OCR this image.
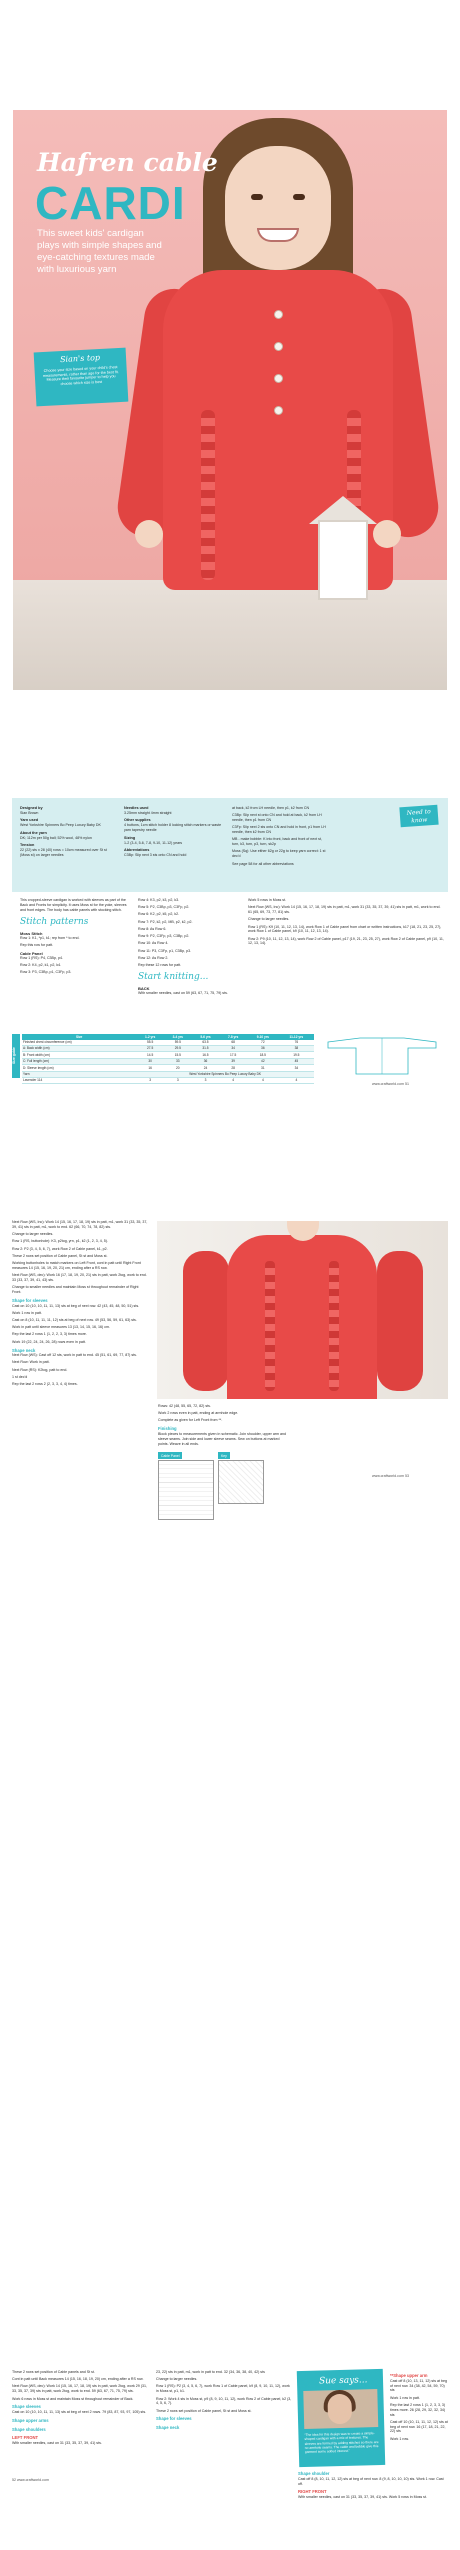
Hafren cable
CARDI
This sweet kids' cardigan plays with simple shapes and eye-catching textures made with luxurious yarn
Sian's top
Choose your size based on your child's chest measurements, rather than age for the best fit. Measure their favourite jumper to help you choose which size is best
Need to know
Designed by
Sian Brown
Yarn used
West Yorkshire Spinners Bo Peep Luxury Baby DK
About the yarn
DK; 112m per 50g ball; 52% wool, 48% nylon
Tension
22 (22) sts x 28 (40) rows = 10cm measured over St st (Moss st) on larger needles
Needles used
3.25mm straight 4mm straight
Other supplies
4 buttons, 1cm stitch holder 8 locking stitch markers or waste yarn tapestry needle
Sizing
1-2 (3-4, 5-6, 7-8, 9-10, 11-12) years
Abbreviations
C3Bp: Slip next 3 sts onto CN and hold
at back, k2 from LH needle, then p1, k2 from CN
C3Bp: Slip next st onto CN and hold at back, k2 from LH needle, then p1 from CN
C3Fp: Slip next 2 sts onto CN and hold in front, p1 from LH needle, then k2 from CN
MB - make bobble: K into front, back and front of next st, turn, k3, turn, p3, turn, sk2p
Moss (Sq): Use either 62g or 22g to keep yarn correct: 1 st dec'd
See page 58 for all other abbreviations
This cropped-sleeve cardigan is worked with sleeves as part of the Back and Fronts for simplicity. It uses Moss st for the yoke, sleeves and front edges. The body has cable panels with stocking stitch.
Stitch patterns
Moss Stitch
Row 1: K1, *p1, k1; rep from * to end.
Rep this row for patt.
Cable Panel
Row 1 (RS): P4, C3Bp, p4.
Row 2: K4, p2, k1, p2, k4.
Row 3: P3, C3Bp, p1, C3Fp, p3.
Row 4: K3, p2, k3, p2, k3.
Row 5: P2, C3Bp, p3, C3Fp, p2.
Row 6: K2, p2, k5, p2, k2.
Row 7: P2, k2, p2, MB, p2, k2, p2.
Row 8: As Row 6.
Row 9: P2, C3Fp, p3, C3Bp, p2.
Row 10: As Row 4.
Row 11: P3, C3Fp, p1, C3Bp, p3.
Row 12: As Row 2.
Rep these 12 rows for patt.
Start knitting...
BACK
With smaller needles, cast on 59 (63, 67, 71, 75, 79) sts.
Work 5 rows in Moss st.
Next Row (WS, Inc): Work 14 (15, 16, 17, 18, 19) sts in patt, m1, work 31 (33, 35, 37, 39, 41) sts in patt, m1, work to end. 61 (65, 69, 73, 77, 81) sts.
Change to larger needles.
Row 1 (RS): K9 (10, 11, 12, 13, 14), work Row 1 of Cable panel from chart or written instructions, k17 (18, 21, 23, 25, 27), work Row 1 of Cable panel, k9 (10, 11, 12, 13, 14).
Row 2: P9 (10, 11, 12, 13, 14), work Row 2 of Cable panel, p17 (19, 21, 23, 25, 27), work Row 2 of Cable panel, p9 (10, 11, 12, 13, 14).
Size guide
Size	1-2 yrs	3-4 yrs	5-6 yrs	7-8 yrs	9-10 yrs	11-12 yrs
Finished chest circumference (cm)	55.5	59.5	63.5	68	72	76
A: Back width (cm)	27.5	29.5	31.5	34	36	38
B: Front width (cm)	14.5	15.5	16.5	17.5	18.5	19.5
C: Full length (cm)	30	33	36	39	42	45
D: Sleeve length (cm)	16	20	24	28	31	34
Yarn	West Yorkshire Spinners Bo Peep Luxury Baby DK					
Lavender 114	3	3	3	4	4	4
www.craftworld.com 51
Next Row (WS, Inc): Work 14 (15, 16, 17, 18, 19) sts in patt, m1, work 31 (33, 35, 37, 39, 41) sts in patt, m1, work to end. 62 (66, 70, 74, 78, 82) sts.
Change to larger needles.
Row 1 (RS, buttonhole): K3, p2tog, yrn, p1, k2 (1, 2, 3, 4, 5).
Row 2: P2 (3, 4, 5, 6, 7), work Row 2 of Cable panel, k1, p2.
These 2 rows set position of Cable panel, St st and Moss st.
Working buttonholes to match markers on Left Front, cont in patt until Right Front measures 14 (15, 16, 19, 20, 21) cm, ending after a RS row.
Next Row (WS, dec): Work 16 (17, 18, 19, 20, 21) sts in patt, work 2tog, work to end. 33 (33, 37, 39, 41, 43) sts.
Change to smaller needles and maintain Moss st throughout remainder of Right Front.
Shape for sleeves
Cast on 10 (10, 10, 11, 11, 13) sts at beg of next row. 42 (43, 45, 48, 50, 51) sts.
Work 1 row in patt.
Cast on 8 (10, 11, 11, 11, 12) sts at beg of next row. 49 (53, 56, 59, 61, 63) sts.
Work in patt until sleeve measures 13 (13, 14, 15, 16, 16) cm.
Rep the last 2 rows 1 (1, 2, 2, 3, 3) times more.
Work 19 (22, 24, 24, 26, 28) rows even in patt.
Shape neck
Next Row (WS): Cast off 12 sts, work in patt to end. 45 (51, 61, 69, 77, 87) sts.
Next Row: Work in patt.
Next Row (RS): K2tog, patt to end.
1 st dec'd
Rep the last 2 rows 2 (2, 3, 3, 4, 4) times.
Rows: 42 (48, 55, 65, 72, 82) sts.
Work 2 rows even in patt, ending at armhole edge.
Complete as given for Left Front from **.
Finishing
Block pieces to measurements given in schematic. Join shoulder, upper arm and sleeve seams. Join side and lower sleeve seams. Sew on buttons at marked points. Weave in all ends.
Cable Panel	Key
www.craftworld.com 53
These 2 rows set position of Cable panels and St st.
Cont in patt until Back measures 14 (15, 16, 18, 19, 20) cm, ending after a RS row.
Next Row (WS, dec): Work 14 (15, 16, 17, 18, 19) sts in patt, work 2tog, work 29 (31, 33, 35, 37, 39) sts in patt, work 2tog, work to end. 59 (63, 67, 71, 75, 79) sts.
Work 6 rows in Moss st and maintain Moss st throughout remainder of Back.
Shape sleeves
Cast on 10 (10, 10, 11, 11, 13) sts at beg of next 2 rows. 79 (83, 87, 93, 97, 105) sts.
Shape upper arms
Shape shoulders
LEFT FRONT
With smaller needles, cast on 31 (33, 35, 37, 39, 41) sts.
23, 22) sts in patt, m1, work in patt to end. 32 (34, 36, 38, 40, 42) sts
Change to larger needles.
Row 1 (RS): P2 (3, 4, 5, 6, 7), work Row 1 of Cable panel, k9 (8, 9, 10, 11, 12), work in Moss st, p1, k1.
Row 2: Work 4 sts in Moss st, p9 (8, 9, 10, 11, 12), work Row 2 of Cable panel, k2 (3, 4, 5, 6, 7).
These 2 rows set position of Cable panel, St st and Moss st.
Shape for sleeves
Shape neck
Sue says...
"The idea for this design was to create a simple-shaped cardigan with a mix of textures. The sleeves are formed by adding stitches so there are no armhole seams. The cable and bobble give this garment some added interest."
**Shape upper arm
Cast off 8 (10, 13, 11, 12) sts at beg of next row. 34 (38, 42, 54, 59, 70) sts
Work 1 row in patt.
Rep the last 2 rows 1 (1, 2, 3, 3, 3) times more. 26 (28, 29, 32, 32, 34) sts
Cast off 10 (10, 11, 11, 12, 12) sts at beg of next row. 16 (17, 18, 21, 22, 22) sts
Work 1 row.
Shape shoulder
Cast off 8 (8, 10, 11, 12, 12) sts at beg of next row. 8 (9, 8, 10, 10, 10) sts. Work 1 row. Cast off.
RIGHT FRONT
With smaller needles, cast on 31 (33, 35, 37, 39, 41) sts. Work 5 rows in Moss st.
52 www.craftworld.com
